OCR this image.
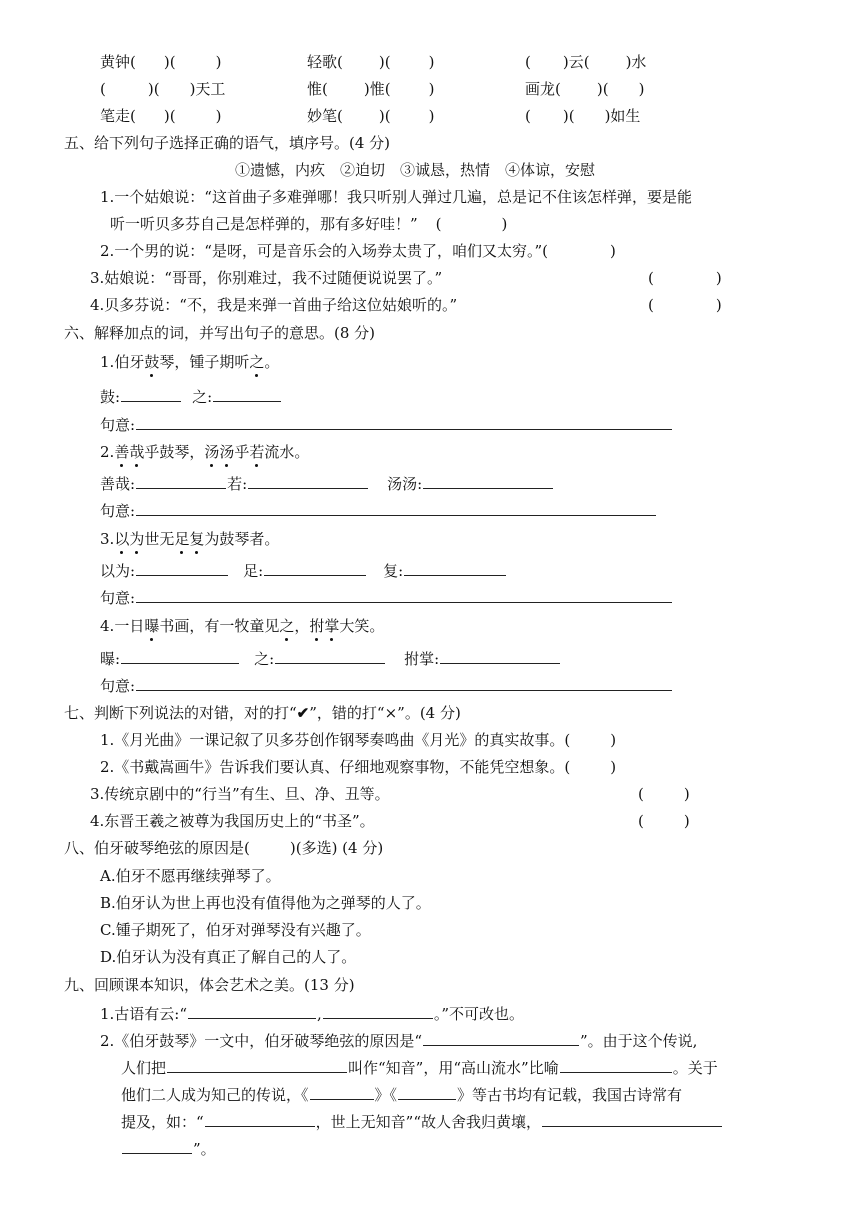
黄钟( )(	)	轻歌( )(	)	( )云( )水
(	)( )天工	惟( )惟(	)	画龙( )( )
笔走( )(	)	妙笔( )(	)	( )( )如生
五、给下列句子选择正确的语气，填序号。(4 分)
①遗憾，内疚　②迫切　③诚恳，热情　④体谅，安慰
1.一个姑娘说：“这首曲子多难弹哪！我只听别人弹过几遍，总是记不住该怎样弹，要是能
听一听贝多芬自己是怎样弹的，那有多好哇！” (	)
2.一个男的说：“是呀，可是音乐会的入场券太贵了，咱们又太穷。”(	)
3.姑娘说：“哥哥，你别难过，我不过随便说说罢了。”	(	)
4.贝多芬说：“不，我是来弹一首曲子给这位姑娘听的。”	(	)
六、解释加点的词，并写出句子的意思。(8 分)
1.伯牙鼓琴，锺子期听之。
鼓:	之:
句意:
2.善哉乎鼓琴，汤汤乎若流水。
善哉:	若:	汤汤:
句意:
3.以为世无足复为鼓琴者。
以为:	足:	复:
句意:
4.一日曝书画，有一牧童见之，拊掌大笑。
曝:	之:	拊掌:
句意:
七、判断下列说法的对错，对的打“✔”，错的打“×”。(4 分)
1.《月光曲》一课记叙了贝多芬创作钢琴奏鸣曲《月光》的真实故事。(	)
2.《书戴嵩画牛》告诉我们要认真、仔细地观察事物，不能凭空想象。(	)
3.传统京剧中的“行当”有生、旦、净、丑等。	(	)
4.东晋王羲之被尊为我国历史上的“书圣”。	(	)
八、伯牙破琴绝弦的原因是(	)(多选) (4 分)
A.伯牙不愿再继续弹琴了。
B.伯牙认为世上再也没有值得他为之弹琴的人了。
C.锺子期死了，伯牙对弹琴没有兴趣了。
D.伯牙认为没有真正了解自己的人了。
九、回顾课本知识，体会艺术之美。(13 分)
1.古语有云:“	,	。”不可改也。
2.《伯牙鼓琴》一文中，伯牙破琴绝弦的原因是“	”。由于这个传说,
人们把	叫作“知音”，用“高山流水”比喻	。关于
他们二人成为知己的传说，《	》《	》等古书均有记载，我国古诗常有
提及，如：“	，世上无知音”“故人舍我归黄壤，
”。
